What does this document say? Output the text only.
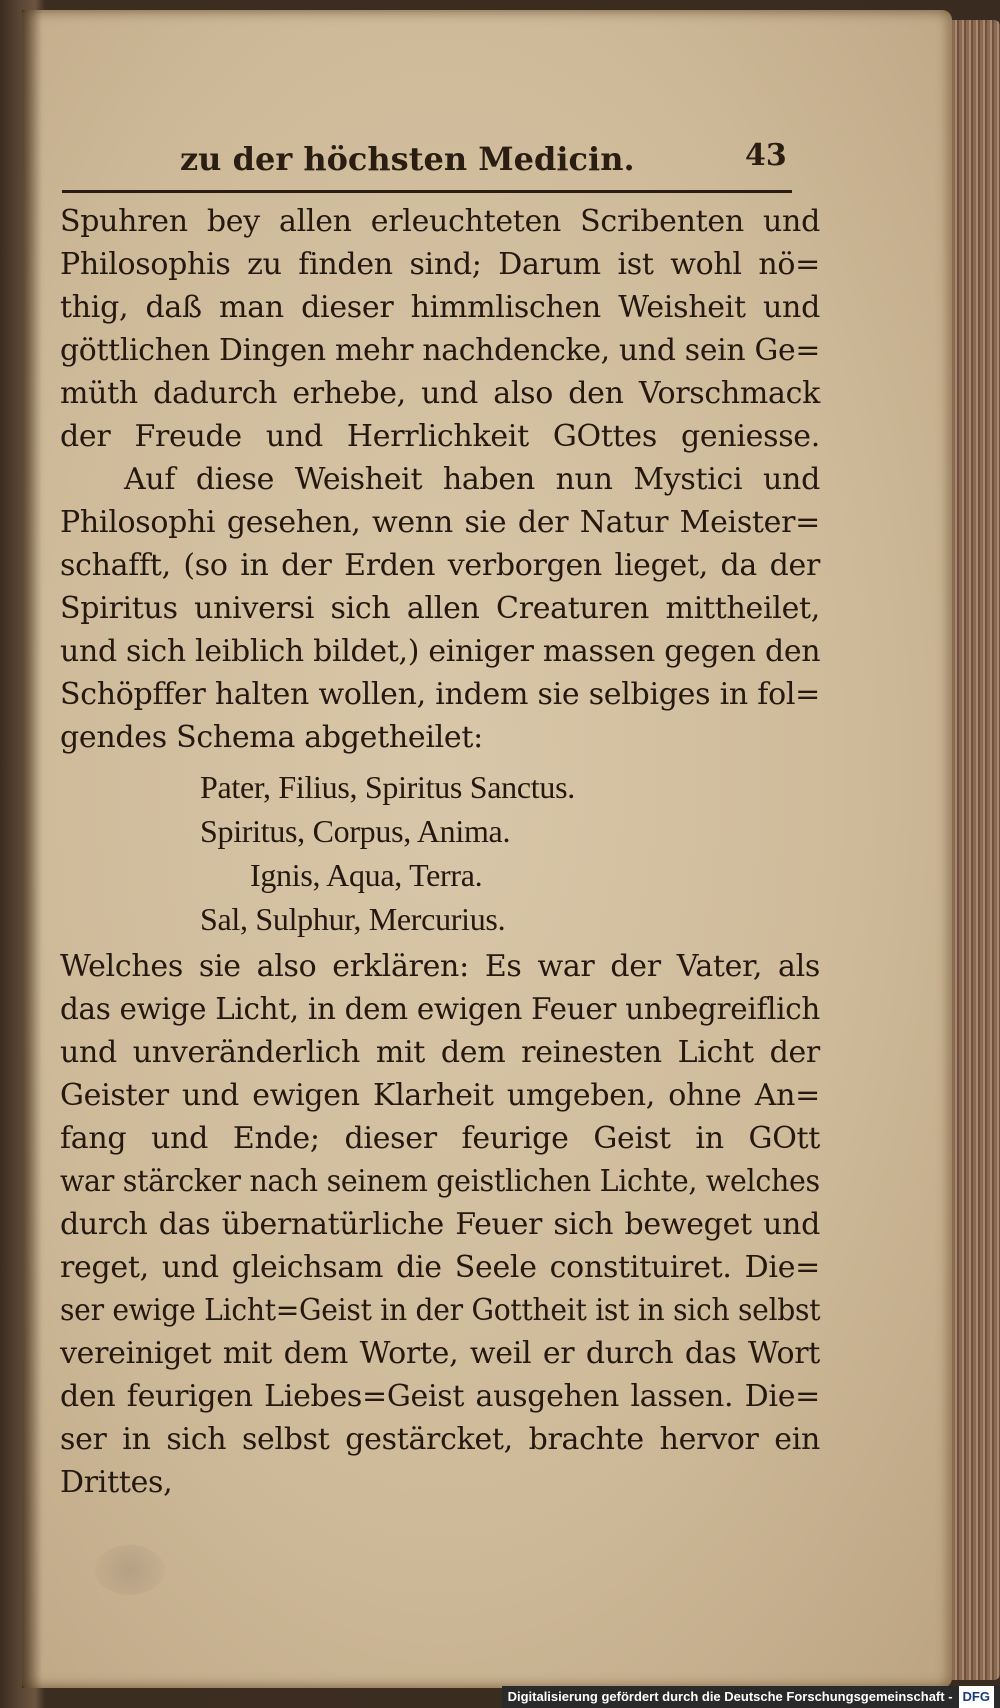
zu der höchsten Medicin.	43

Spuhren bey allen erleuchteten Scribenten und
Philosophis zu finden sind; Darum ist wohl nö=
thig, daß man dieser himmlischen Weisheit und
göttlichen Dingen mehr nachdencke, und sein Ge=
müth dadurch erhebe, und also den Vorschmack
der Freude und Herrlichkeit GOttes geniesse.

Auf diese Weisheit haben nun Mystici und
Philosophi gesehen, wenn sie der Natur Meister=
schafft, (so in der Erden verborgen lieget, da der
Spiritus universi sich allen Creaturen mittheilet,
und sich leiblich bildet,) einiger massen gegen den
Schöpffer halten wollen, indem sie selbiges in fol=
gendes Schema abgetheilet:

Pater, Filius, Spiritus Sanctus.
Spiritus, Corpus, Anima.
Ignis, Aqua, Terra.
Sal, Sulphur, Mercurius.

Welches sie also erklären: Es war der Vater, als
das ewige Licht, in dem ewigen Feuer unbegreiflich
und unveränderlich mit dem reinesten Licht der
Geister und ewigen Klarheit umgeben, ohne An=
fang und Ende; dieser feurige Geist in GOtt
war stärcker nach seinem geistlichen Lichte, welches
durch das übernatürliche Feuer sich beweget und
reget, und gleichsam die Seele constituiret. Die=
ser ewige Licht=Geist in der Gottheit ist in sich selbst
vereiniget mit dem Worte, weil er durch das Wort
den feurigen Liebes=Geist ausgehen lassen. Die=
ser in sich selbst gestärcket, brachte hervor ein

Drittes,

Digitalisierung gefördert durch die Deutsche Forschungsgemeinschaft - DFG
